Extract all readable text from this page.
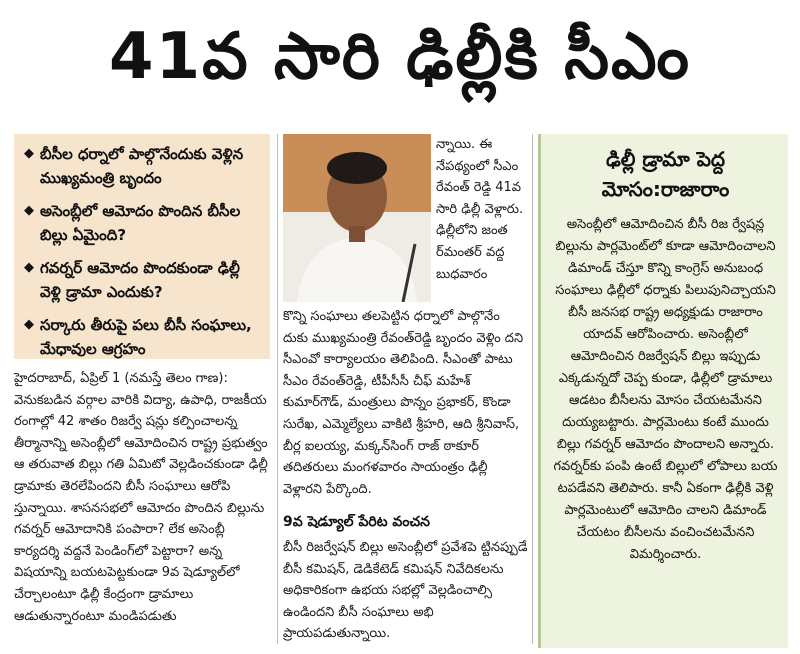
41వ సారి ఢిల్లీకి సీఎం
◆ బీసీల ధర్నాలో పాల్గొనేందుకు వెళ్లిన ముఖ్యమంత్రి బృందం
◆ అసెంబ్లీలో ఆమోదం పొందిన బీసీల బిల్లు ఏమైంది?
◆ గవర్నర్ ఆమోదం పొందకుండా ఢిల్లీ వెళ్లి డ్రామా ఎందుకు?
◆ సర్కారు తీరుపై పలు బీసీ సంఘాలు, మేధావుల ఆగ్రహం
న్నాయి. ఈ నేపథ్యంలో సీఎం రేవంత్ రెడ్డి 41వ సారి ఢిల్లీ వెళ్లారు. ఢిల్లీలోని జంత ర్‌మంతర్ వద్ద బుధవారం
కొన్ని సంఘాలు తలపెట్టిన ధర్నాలో పాల్గొనేం దుకు ముఖ్యమంత్రి రేవంత్‌రెడ్డి బృందం వెళ్లిం దని సీఎంవో కార్యాలయం తెలిపింది. సీఎంతో పాటు సీఎం రేవంత్‌రెడ్డి, టీపీసీసీ చీఫ్ మహేశ్ కుమార్‌గౌడ్, మంత్రులు పొన్నం ప్రభాకర్, కొండా సురేఖ, ఎమ్మెల్యేలు వాకిటి శ్రీహరి, ఆది శ్రీనివాస్, బీర్ల ఐలయ్య, మక్కన్‌సింగ్ రాజ్ ఠాకూర్ తదితరులు మంగళవారం సాయంత్రం ఢిల్లీ వెళ్లారని పేర్కొంది.
9వ షెడ్యూల్ పేరిట వంచన
బీసీ రిజర్వేషన్ బిల్లు అసెంబ్లీలో ప్రవేశపె ట్టినప్పుడే బీసీ కమిషన్, డెడికేటెడ్ కమిషన్ నివేదికలను అధికారికంగా ఉభయ సభల్లో వెల్లడించాల్సి ఉండిందని బీసీ సంఘాలు అభి ప్రాయపడుతున్నాయి.
హైదరాబాద్, ఏప్రిల్ 1 (నమస్తే తెలం గాణ): వెనుకబడిన వర్గాల వారికి విద్యా, ఉపాధి, రాజకీయ రంగాల్లో 42 శాతం రిజర్వే షన్లు కల్పించాలన్న తీర్మానాన్ని అసెంబ్లీలో ఆమోదించిన రాష్ట్ర ప్రభుత్వం ఆ తరువాత బిల్లు గతి ఏమిటో వెల్లడించకుండా ఢిల్లీ డ్రామాకు తెరలేపిందని బీసీ సంఘాలు ఆరోపి స్తున్నాయి. శాసనసభలో ఆమోదం పొందిన బిల్లును గవర్నర్ ఆమోదానికి పంపారా? లేక అసెంబ్లీ కార్యదర్శి వద్దనే పెండింగ్‌లో పెట్టారా? అన్న విషయాన్ని బయటపెట్టకుండా 9వ షెడ్యూల్‌లో చేర్చాలంటూ ఢిల్లీ కేంద్రంగా డ్రామాలు ఆడుతున్నారంటూ మండిపడుతు
ఢిల్లీ డ్రామా పెద్ద
మోసం:రాజారాం
అసెంబ్లీలో ఆమోదించిన బీసీ రిజ ర్వేషన్ల బిల్లును పార్లమెంట్‌లో కూడా ఆమోదించాలని డిమాండ్ చేస్తూ కొన్ని కాంగ్రెస్ అనుబంధ సంఘాలు ఢిల్లీలో ధర్నాకు పిలుపునిచ్చాయని బీసీ జనసభ రాష్ట్ర అధ్యక్షుడు రాజారాం యాదవ్ ఆరోపించారు. అసెంబ్లీలో ఆమోదించిన రిజర్వేషన్ బిల్లు ఇప్పుడు ఎక్కడున్నదో చెప్ప కుండా, ఢిల్లీలో డ్రామాలు ఆడటం బీసీలను మోసం చేయటమేనని దుయ్యబట్టారు. పార్లమెంటు కంటే ముందు బిల్లు గవర్నర్ ఆమోదం పొందాలని అన్నారు. గవర్నర్‌కు పంపి ఉంటే బిల్లులో లోపాలు బయ టపడేవని తెలిపారు. కానీ ఏకంగా ఢిల్లీకి వెళ్లి పార్లమెంటులో ఆమోదిం చాలని డిమాండ్ చేయటం బీసీలను వంచించటమేనని విమర్శించారు.
